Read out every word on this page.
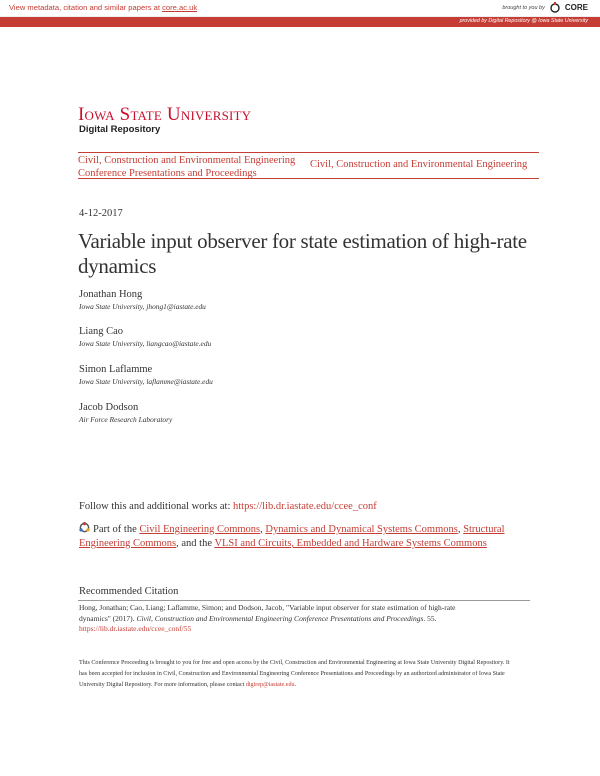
View metadata, citation and similar papers at core.ac.uk	brought to you by	CORE
provided by Digital Repository @ Iowa State University
Iowa State University
Digital Repository
Civil, Construction and Environmental Engineering Conference Presentations and Proceedings
Civil, Construction and Environmental Engineering
4-12-2017
Variable input observer for state estimation of high-rate dynamics
Jonathan Hong
Iowa State University, jhong1@iastate.edu
Liang Cao
Iowa State University, liangcao@iastate.edu
Simon Laflamme
Iowa State University, laflamme@iastate.edu
Jacob Dodson
Air Force Research Laboratory
Follow this and additional works at: https://lib.dr.iastate.edu/ccee_conf
Part of the Civil Engineering Commons, Dynamics and Dynamical Systems Commons, Structural Engineering Commons, and the VLSI and Circuits, Embedded and Hardware Systems Commons
Recommended Citation
Hong, Jonathan; Cao, Liang; Laflamme, Simon; and Dodson, Jacob, "Variable input observer for state estimation of high-rate dynamics" (2017). Civil, Construction and Environmental Engineering Conference Presentations and Proceedings. 55.
https://lib.dr.iastate.edu/ccee_conf/55
This Conference Proceeding is brought to you for free and open access by the Civil, Construction and Environmental Engineering at Iowa State University Digital Repository. It has been accepted for inclusion in Civil, Construction and Environmental Engineering Conference Presentations and Proceedings by an authorized administrator of Iowa State University Digital Repository. For more information, please contact digirep@iastate.edu.
